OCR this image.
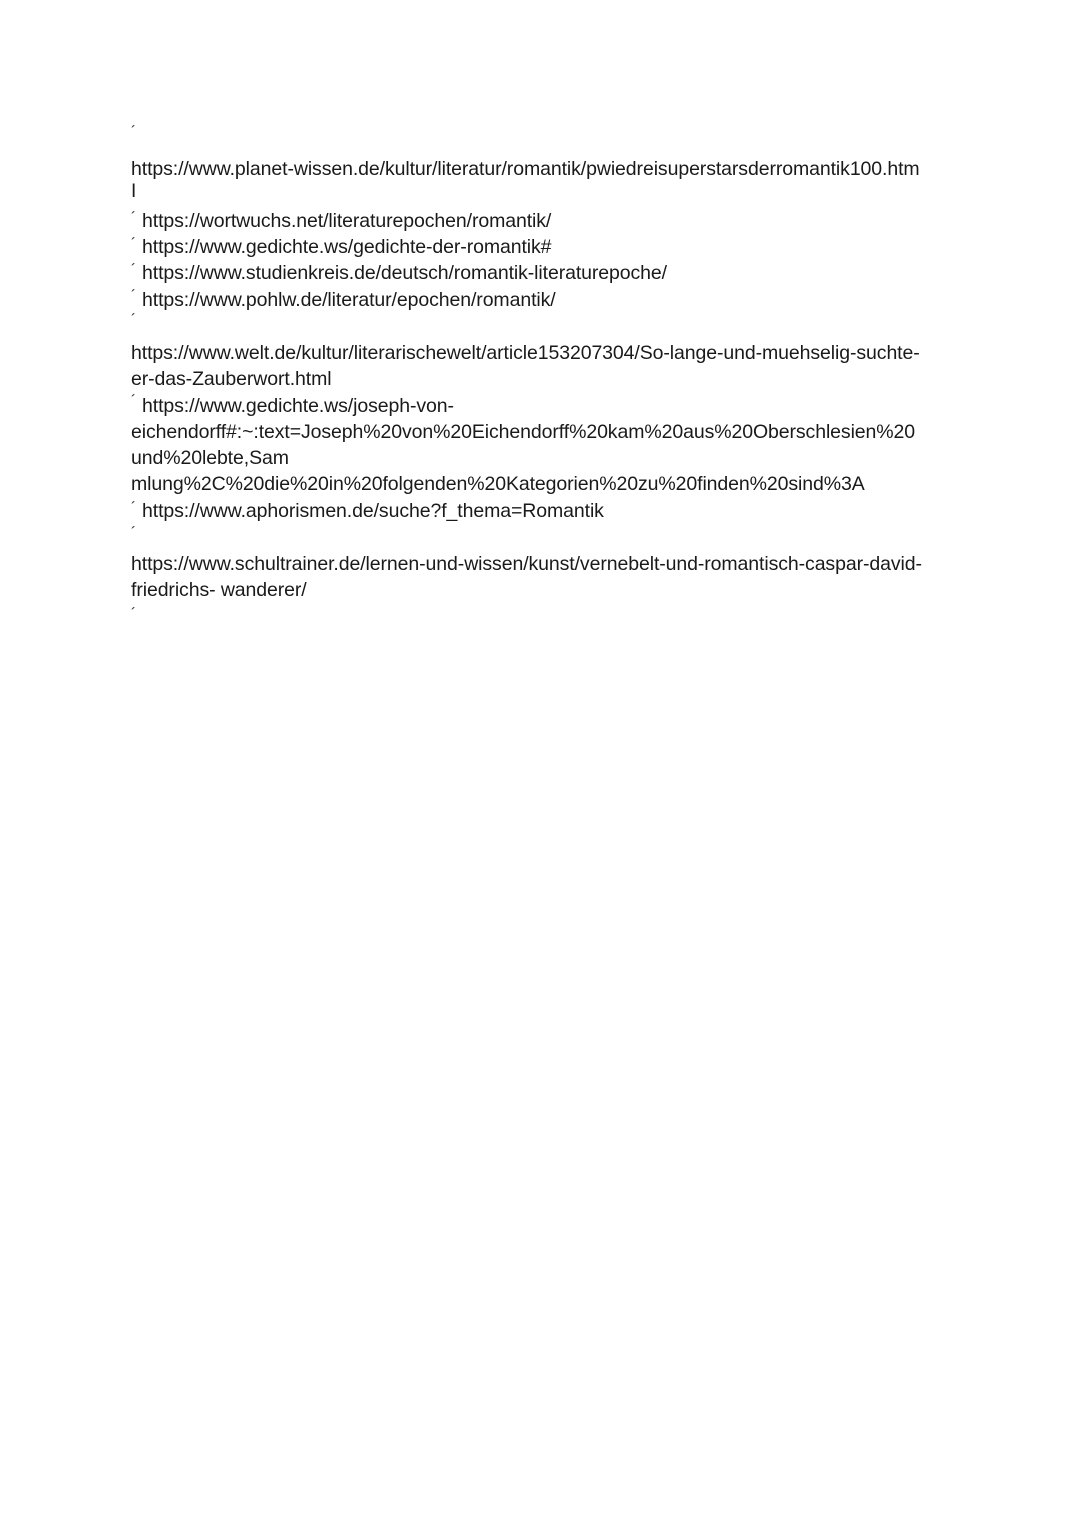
´
I
´
´
´
´
´
´
´
´
´
https://www.planet-wissen.de/kultur/literatur/romantik/pwiedreisuperstarsderromantik100.htm
https://wortwuchs.net/literaturepochen/romantik/
https://www.gedichte.ws/gedichte-der-romantik#
https://www.studienkreis.de/deutsch/romantik-literaturepoche/
https://www.pohlw.de/literatur/epochen/romantik/
https://www.welt.de/kultur/literarischewelt/article153207304/So-lange-und-muehselig-suchte-
er-das-Zauberwort.html
https://www.gedichte.ws/joseph-von-
eichendorff#:~:text=Joseph%20von%20Eichendorff%20kam%20aus%20Oberschlesien%20
und%20lebte,Sam
mlung%2C%20die%20in%20folgenden%20Kategorien%20zu%20finden%20sind%3A
https://www.aphorismen.de/suche?f_thema=Romantik
https://www.schultrainer.de/lernen-und-wissen/kunst/vernebelt-und-romantisch-caspar-david-
friedrichs- wanderer/
